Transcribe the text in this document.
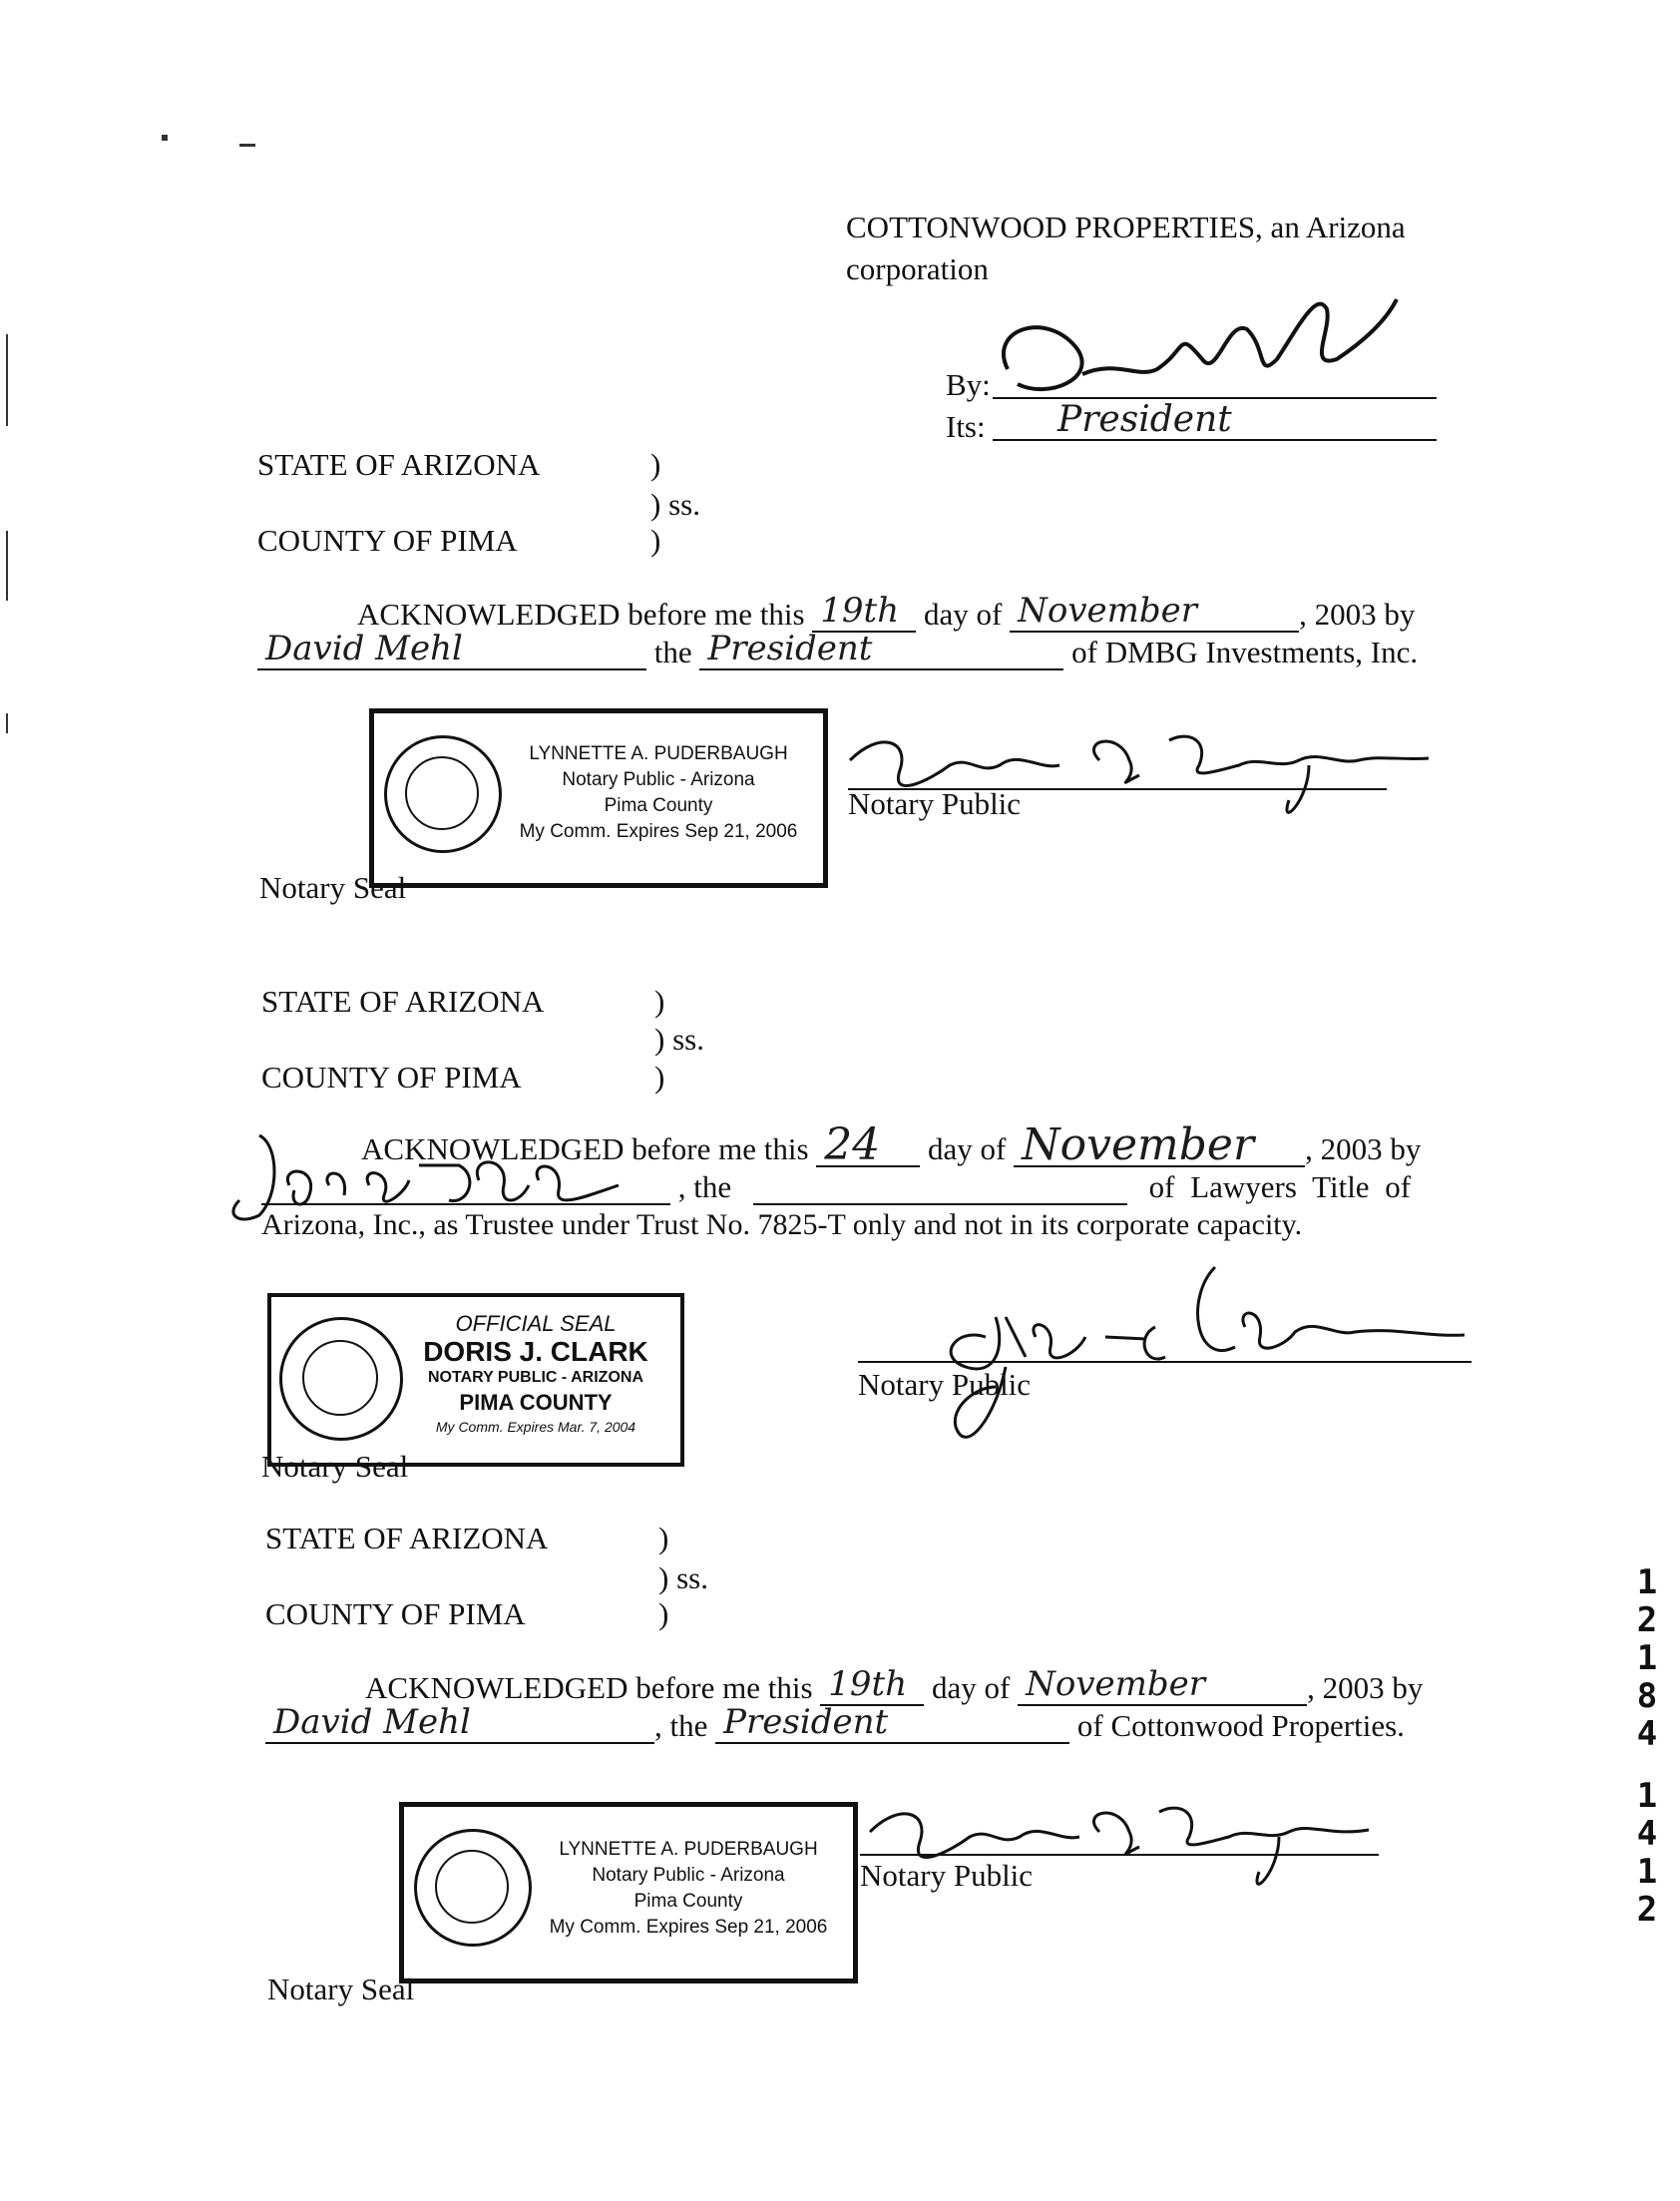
COTTONWOOD PROPERTIES, an Arizona
corporation
By:
Its: President
STATE OF ARIZONA	)
) ss.
COUNTY OF PIMA	)
ACKNOWLEDGED before me this 19th day of November	, 2003 by
David Mehl	the President	of DMBG Investments, Inc.
LYNNETTE A. PUDERBAUGH
Notary Public - Arizona
Pima County
My Comm. Expires Sep 21, 2006
Notary Public
Notary Seal
STATE OF ARIZONA	)
) ss.
COUNTY OF PIMA	)
ACKNOWLEDGED before me this 24 day of November , 2003 by
, the	of Lawyers Title of
Arizona, Inc., as Trustee under Trust No. 7825-T only and not in its corporate capacity.
OFFICIAL SEAL
DORIS J. CLARK
NOTARY PUBLIC - ARIZONA
PIMA COUNTY
My Comm. Expires Mar. 7, 2004
Notary Public
Notary Seal
STATE OF ARIZONA	)
) ss.
COUNTY OF PIMA	)
ACKNOWLEDGED before me this 19th day of November	, 2003 by
David Mehl	, the President	of Cottonwood Properties.
LYNNETTE A. PUDERBAUGH
Notary Public - Arizona
Pima County
My Comm. Expires Sep 21, 2006
Notary Public
Notary Seal
1
2
1
8
4
1
4
1
2
